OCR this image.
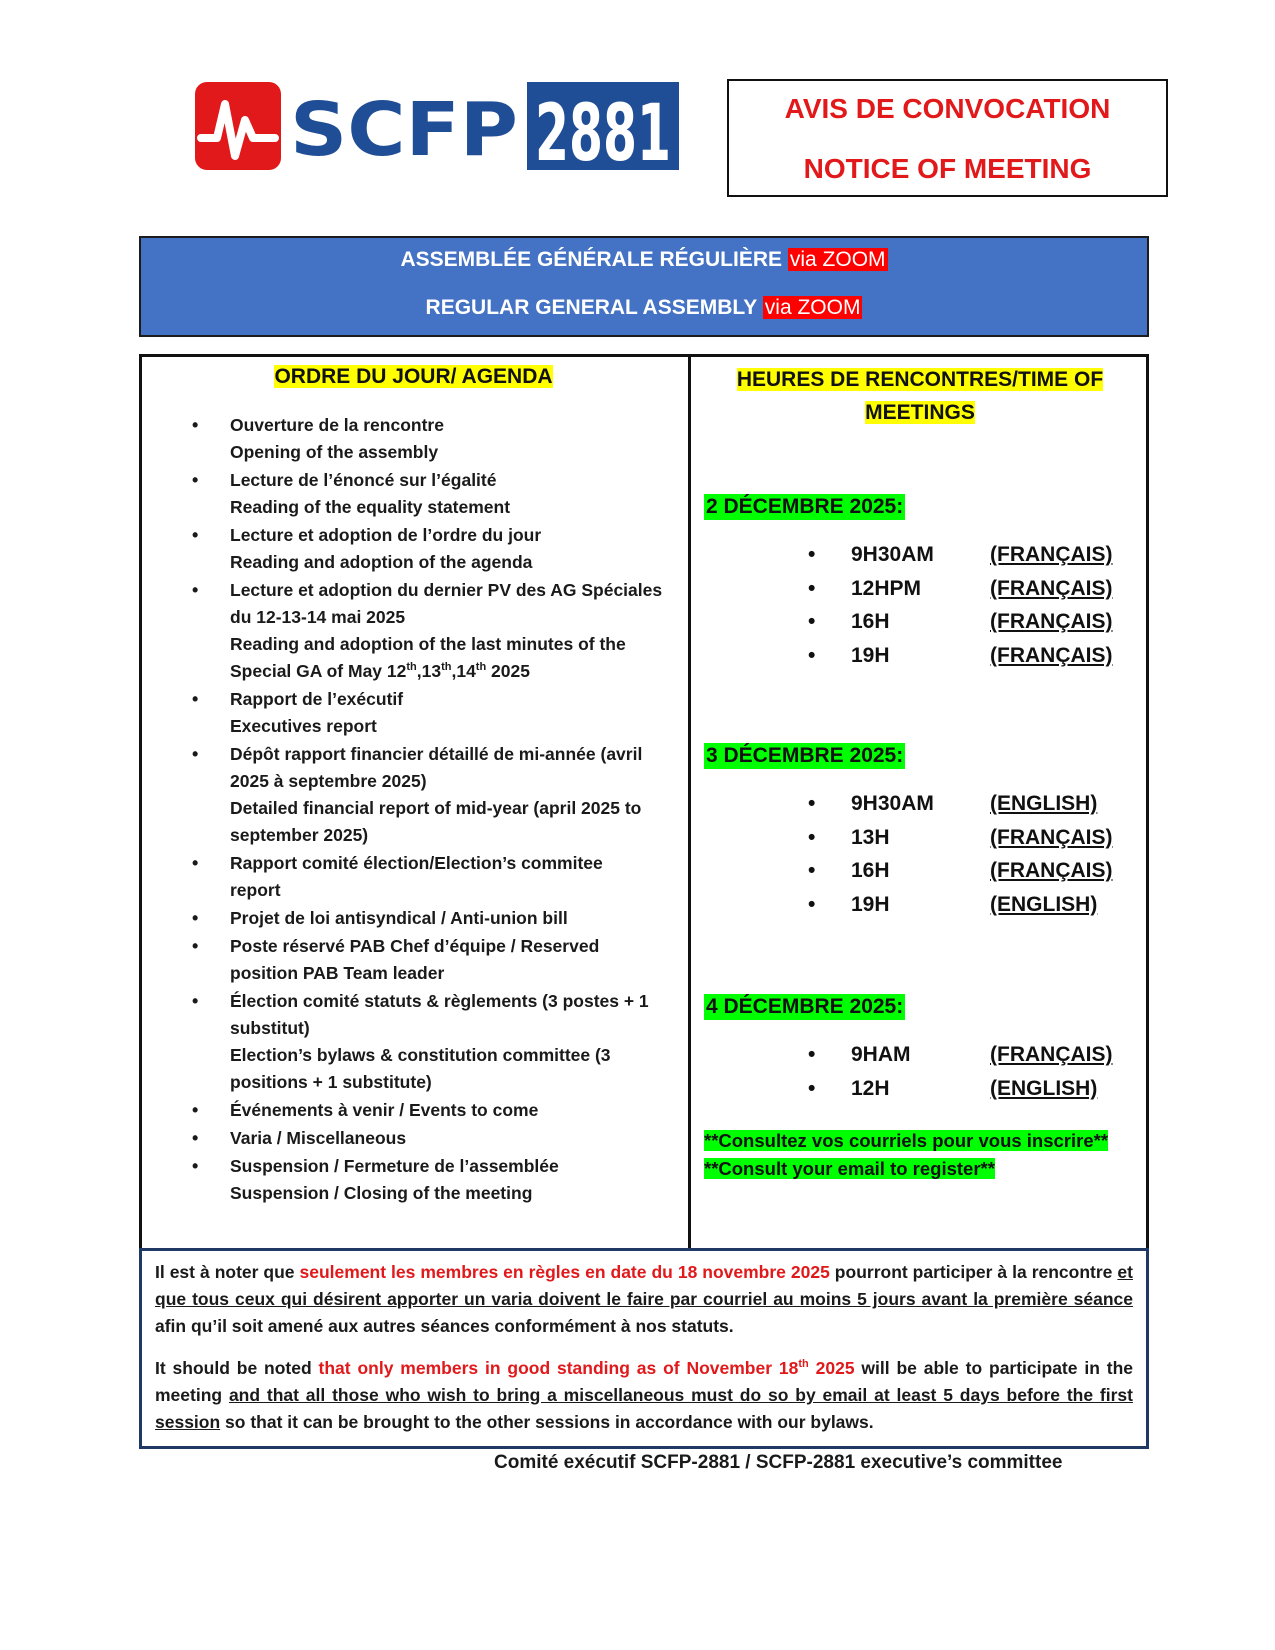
SCFP 2881	AVIS DE CONVOCATION
NOTICE OF MEETING
ASSEMBLÉE GÉNÉRALE RÉGULIÈRE via ZOOM
REGULAR GENERAL ASSEMBLY via ZOOM
ORDRE DU JOUR/ AGENDA
• Ouverture de la rencontre
Opening of the assembly
• Lecture de l’énoncé sur l’égalité
Reading of the equality statement
• Lecture et adoption de l’ordre du jour
Reading and adoption of the agenda
• Lecture et adoption du dernier PV des AG Spéciales
du 12-13-14 mai 2025
Reading and adoption of the last minutes of the
Special GA of May 12th,13th,14th 2025
• Rapport de l’exécutif
Executives report
• Dépôt rapport financier détaillé de mi-année (avril
2025 à septembre 2025)
Detailed financial report of mid-year (april 2025 to
september 2025)
• Rapport comité élection/Election’s commitee
report
• Projet de loi antisyndical / Anti-union bill
• Poste réservé PAB Chef d’équipe / Reserved
position PAB Team leader
• Élection comité statuts & règlements (3 postes + 1
substitut)
Election’s bylaws & constitution committee (3
positions + 1 substitute)
• Événements à venir / Events to come
• Varia / Miscellaneous
• Suspension / Fermeture de l’assemblée
Suspension / Closing of the meeting
HEURES DE RENCONTRES/TIME OF
MEETINGS
2 DÉCEMBRE 2025:
• 9H30AM	(FRANÇAIS)
• 12HPM	(FRANÇAIS)
• 16H	(FRANÇAIS)
• 19H	(FRANÇAIS)
3 DÉCEMBRE 2025:
• 9H30AM	(ENGLISH)
• 13H	(FRANÇAIS)
• 16H	(FRANÇAIS)
• 19H	(ENGLISH)
4 DÉCEMBRE 2025:
• 9HAM	(FRANÇAIS)
• 12H	(ENGLISH)
**Consultez vos courriels pour vous inscrire** **Consult your email to register**
Il est à noter que seulement les membres en règles en date du 18 novembre 2025 pourront participer à la rencontre et que tous ceux qui désirent apporter un varia doivent le faire par courriel au moins 5 jours avant la première séance afin qu’il soit amené aux autres séances conformément à nos statuts.
It should be noted that only members in good standing as of November 18th 2025 will be able to participate in the meeting and that all those who wish to bring a miscellaneous must do so by email at least 5 days before the first session so that it can be brought to the other sessions in accordance with our bylaws.
Comité exécutif SCFP-2881 / SCFP-2881 executive’s committee
